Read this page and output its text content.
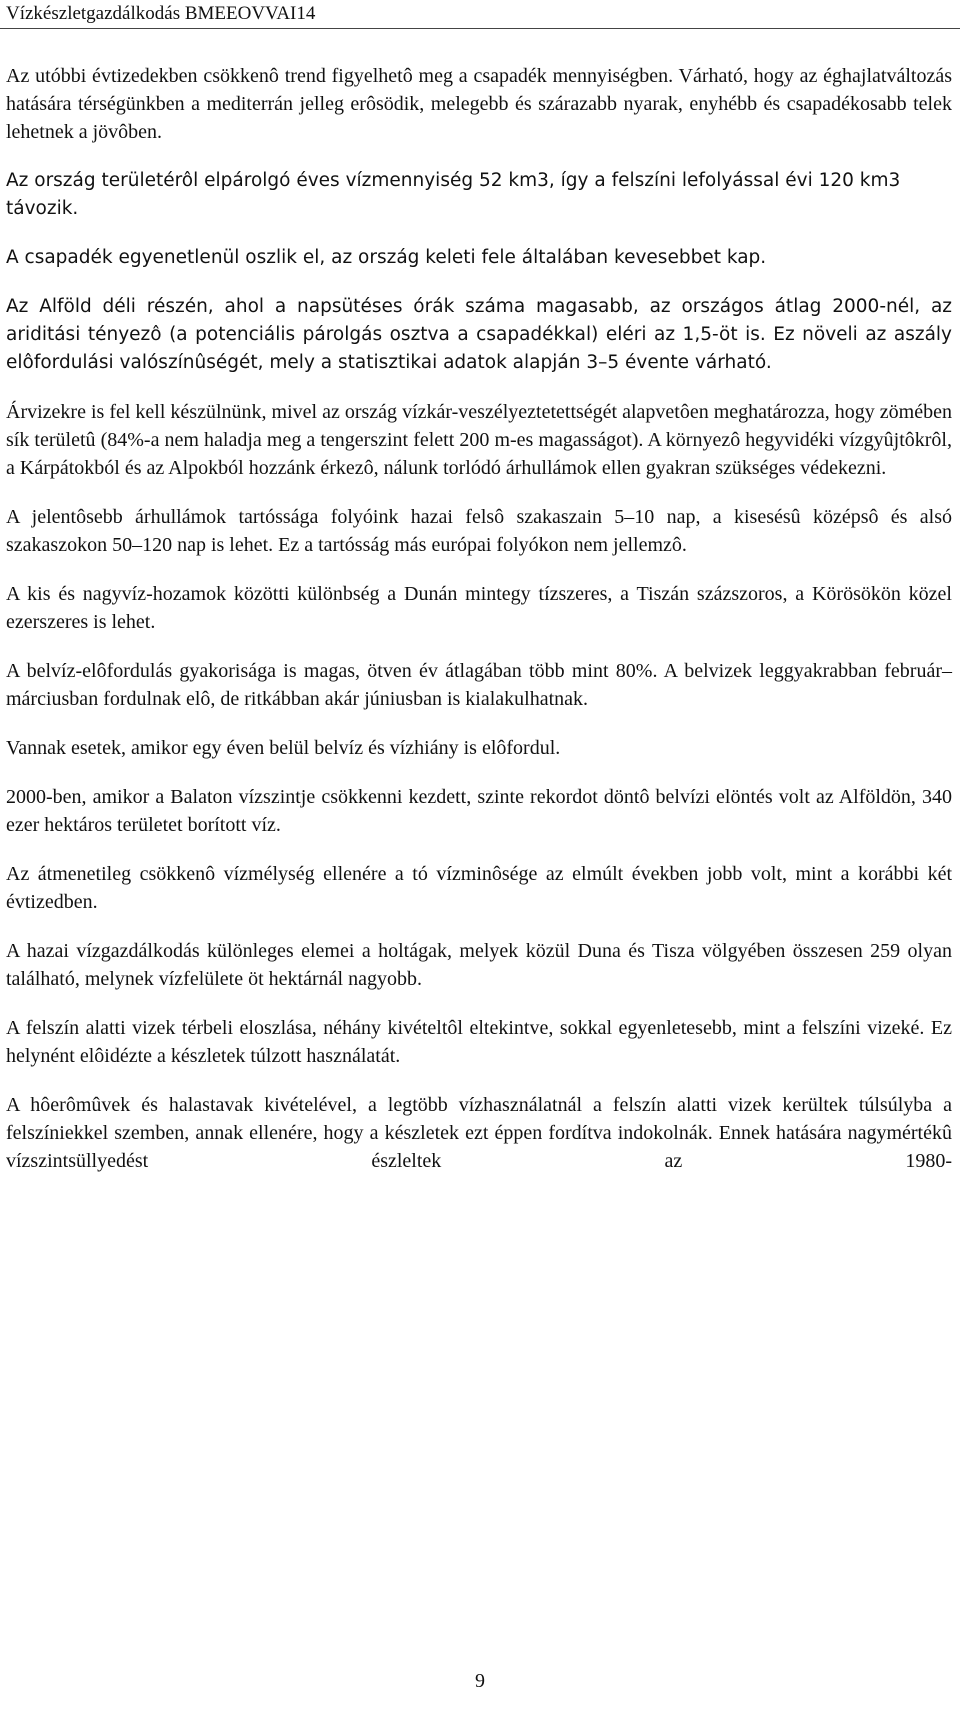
Vízkészletgazdálkodás BMEEOVVAI14

Az utóbbi évtizedekben csökkenô trend figyelhetô meg a csapadék mennyiségben. Várható, hogy az éghajlatváltozás hatására térségünkben a mediterrán jelleg erôsödik, melegebb és szárazabb nyarak, enyhébb és csapadékosabb telek lehetnek a jövôben.

Az ország területérôl elpárolgó éves vízmennyiség 52 km3, így a felszíni lefolyással évi 120 km3 távozik.

A csapadék egyenetlenül oszlik el, az ország keleti fele általában kevesebbet kap.

Az Alföld déli részén, ahol a napsütéses órák száma magasabb, az országos átlag 2000-nél, az ariditási tényezô (a potenciális párolgás osztva a csapadékkal) eléri az 1,5-öt is. Ez növeli az aszály elôfordulási valószínûségét, mely a statisztikai adatok alapján 3–5 évente várható.

Árvizekre is fel kell készülnünk, mivel az ország vízkár-veszélyeztetettségét alapvetôen meghatározza, hogy zömében sík területû (84%-a nem haladja meg a tengerszint felett 200 m-es magasságot). A környezô hegyvidéki vízgyûjtôkrôl, a Kárpátokból és az Alpokból hozzánk érkezô, nálunk torlódó árhullámok ellen gyakran szükséges védekezni.

A jelentôsebb árhullámok tartóssága folyóink hazai felsô szakaszain 5–10 nap, a kisesésû középsô és alsó szakaszokon 50–120 nap is lehet. Ez a tartósság más európai folyókon nem jellemzô.

A kis és nagyvíz-hozamok közötti különbség a Dunán mintegy tízszeres, a Tiszán százszoros, a Körösökön közel ezerszeres is lehet.

A belvíz-elôfordulás gyakorisága is magas, ötven év átlagában több mint 80%. A belvizek leggyakrabban február–márciusban fordulnak elô, de ritkábban akár júniusban is kialakulhatnak.

Vannak esetek, amikor egy éven belül belvíz és vízhiány is elôfordul.

2000-ben, amikor a Balaton vízszintje csökkenni kezdett, szinte rekordot döntô belvízi elöntés volt az Alföldön, 340 ezer hektáros területet borított víz.

Az átmenetileg csökkenô vízmélység ellenére a tó vízminôsége az elmúlt években jobb volt, mint a korábbi két évtizedben.

A hazai vízgazdálkodás különleges elemei a holtágak, melyek közül Duna és Tisza völgyében összesen 259 olyan található, melynek vízfelülete öt hektárnál nagyobb.

A felszín alatti vizek térbeli eloszlása, néhány kivételtôl eltekintve, sokkal egyenletesebb, mint a felszíni vizeké. Ez helynént elôidézte a készletek túlzott használatát.

A hôerômûvek és halastavak kivételével, a legtöbb vízhasználatnál a felszín alatti vizek kerültek túlsúlyba a felszíniekkel szemben, annak ellenére, hogy a készletek ezt éppen fordítva indokolnák. Ennek hatására nagymértékû vízszintsüllyedést észleltek az 1980-

9
